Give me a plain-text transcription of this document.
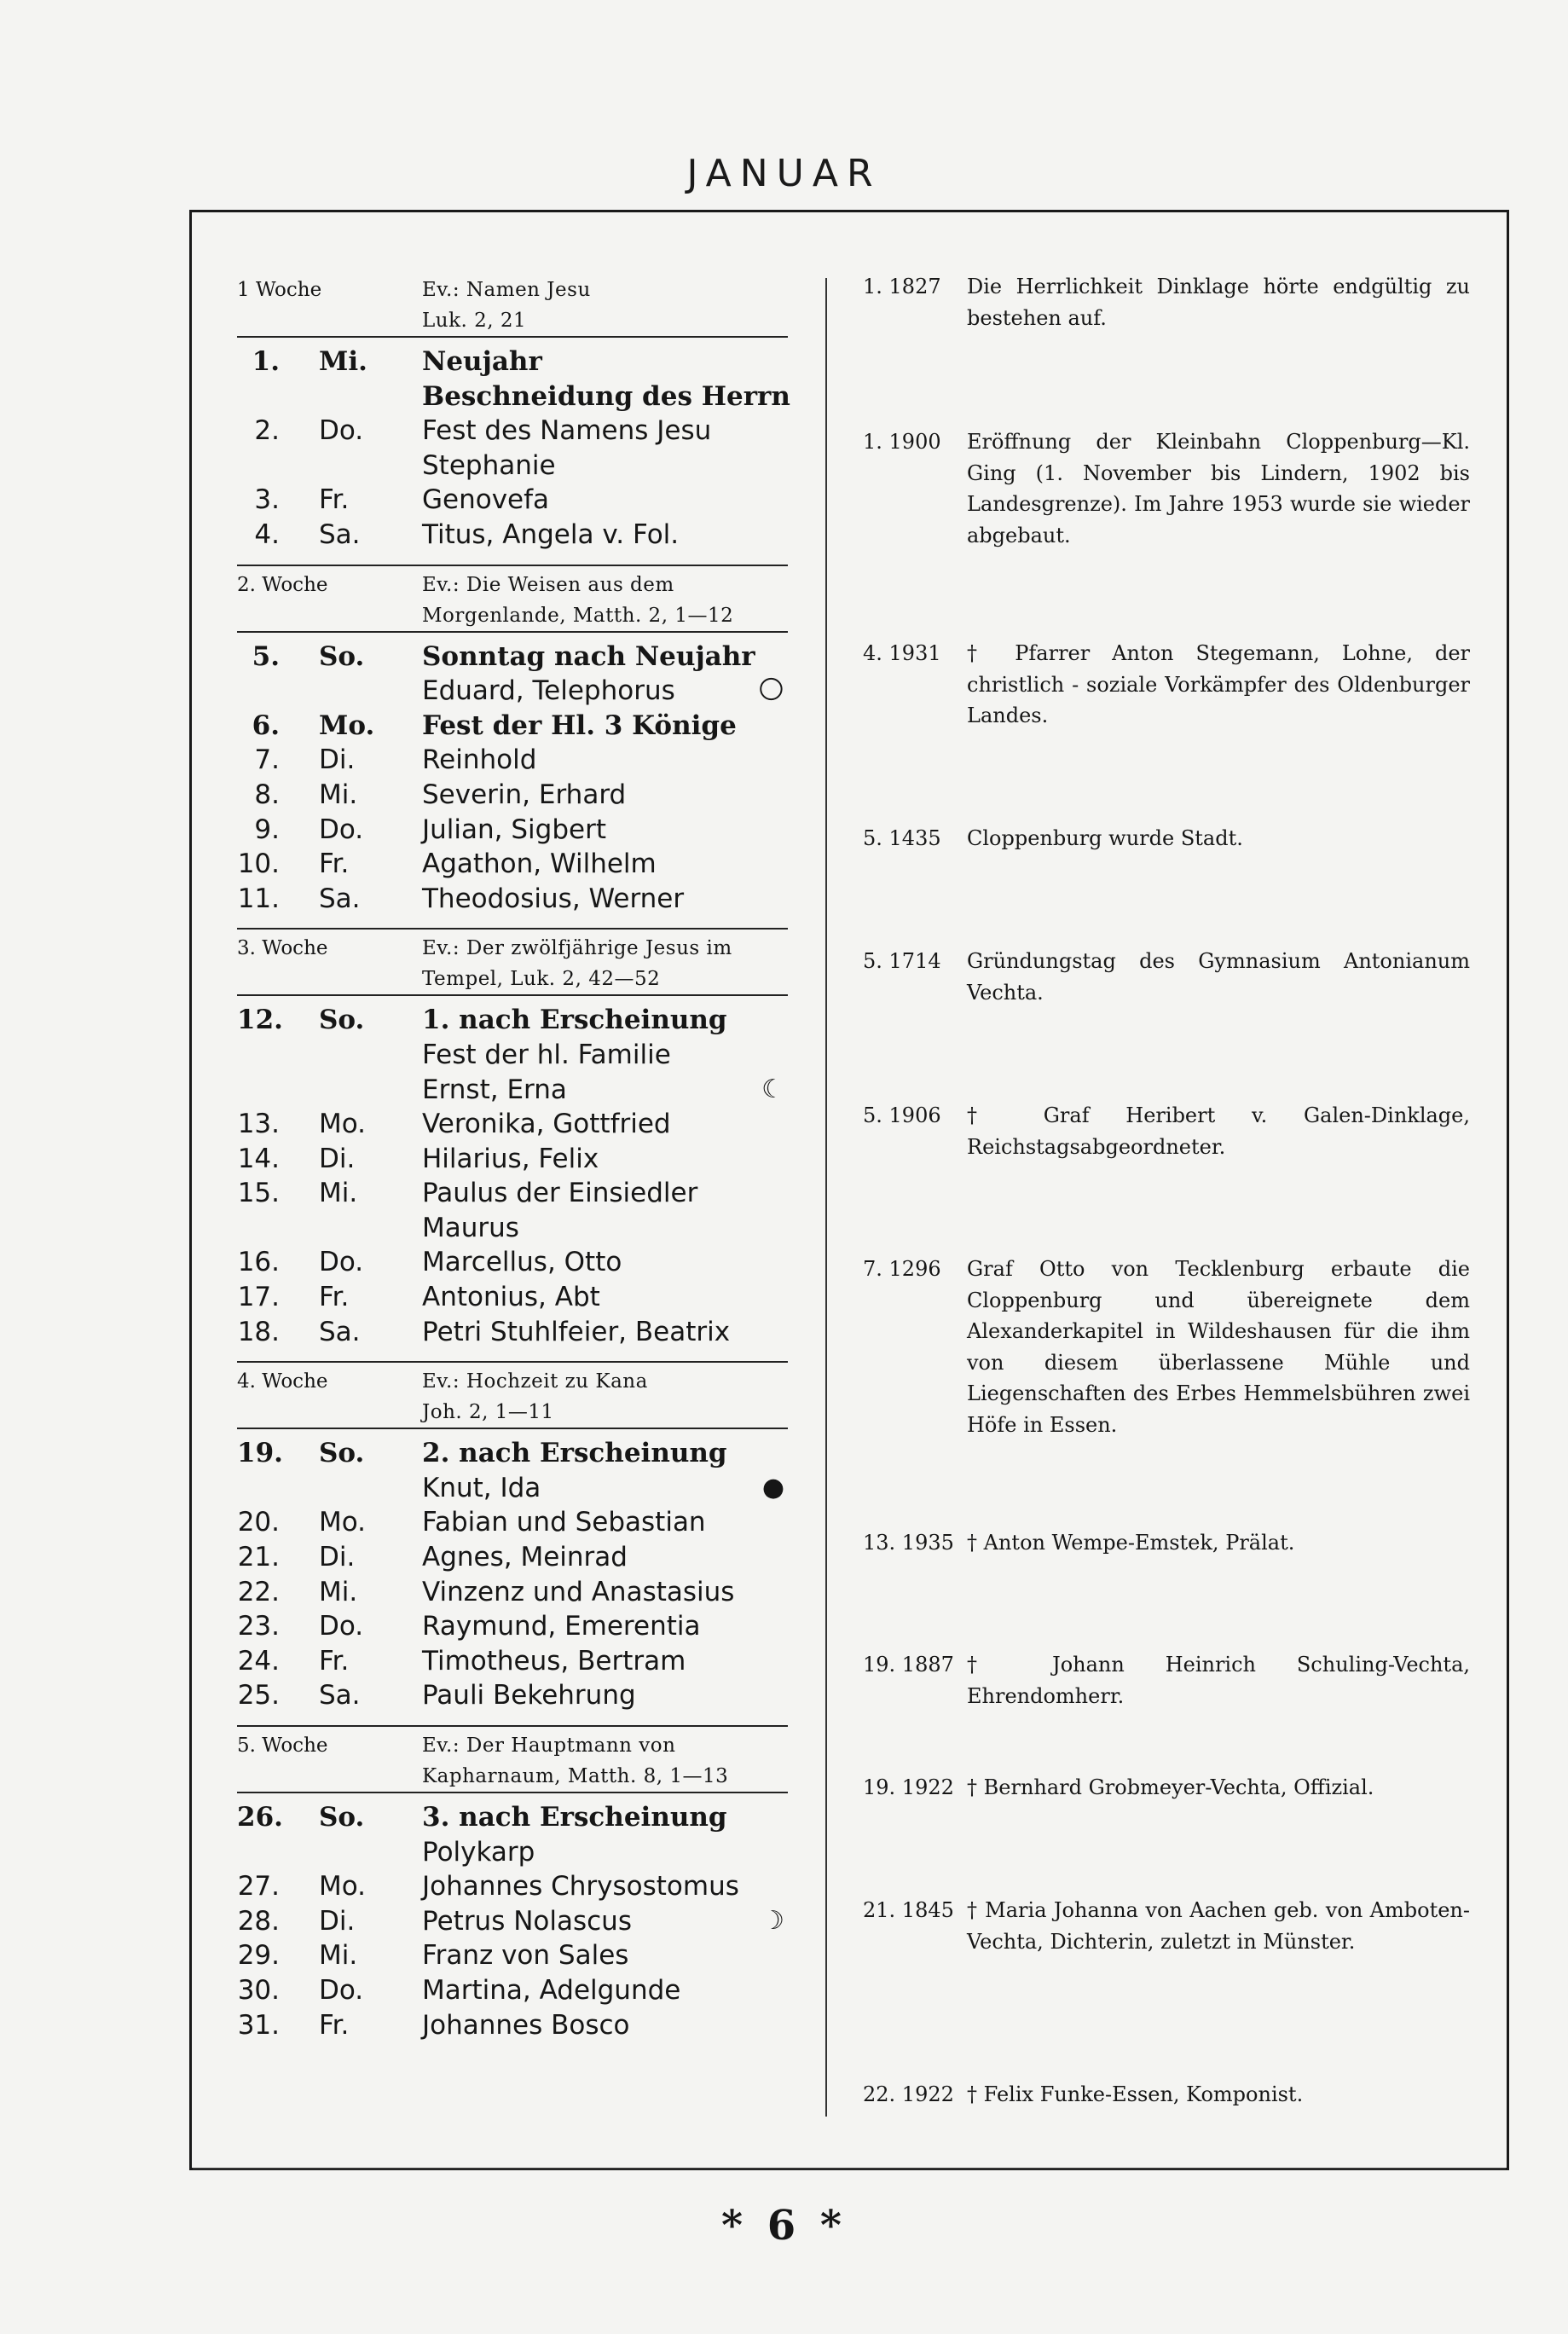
JANUAR
1 Woche	Ev.: Namen Jesu
Luk. 2, 21
1. Mi. Neujahr
Beschneidung des Herrn
2. Do. Fest des Namens Jesu
Stephanie
3. Fr.	Genovefa
4. Sa. Titus, Angela v. Fol.
2. Woche	Ev.: Die Weisen aus dem
Morgenlande, Matth. 2, 1—12
5. So. Sonntag nach Neujahr
Eduard, Telephorus	🌕
6. Mo. Fest der Hl. 3 Könige
7. Di.	Reinhold
8. Mi. Severin, Erhard
9. Do. Julian, Sigbert
10. Fr.	Agathon, Wilhelm
11. Sa. Theodosius, Werner
3. Woche	Ev.: Der zwölfjährige Jesus im
Tempel, Luk. 2, 42—52
12. So. 1. nach Erscheinung
Fest der hl. Familie
Ernst, Erna	☾
13. Mo. Veronika, Gottfried
14. Di.	Hilarius, Felix
15. Mi. Paulus der Einsiedler
Maurus
16. Do. Marcellus, Otto
17. Fr.	Antonius, Abt
18. Sa. Petri Stuhlfeier, Beatrix
4. Woche	Ev.: Hochzeit zu Kana
Joh. 2, 1—11
19. So. 2. nach Erscheinung
Knut, Ida	●
20. Mo. Fabian und Sebastian
21. Di.	Agnes, Meinrad
22. Mi. Vinzenz und Anastasius
23. Do. Raymund, Emerentia
24. Fr.	Timotheus, Bertram
25. Sa. Pauli Bekehrung
5. Woche	Ev.: Der Hauptmann von
Kapharnaum, Matth. 8, 1—13
26. So. 3. nach Erscheinung
Polykarp
27. Mo. Johannes Chrysostomus
28. Di.	Petrus Nolascus	☽
29. Mi. Franz von Sales
30. Do. Martina, Adelgunde
31. Fr.	Johannes Bosco
1. 1827	Die Herrlichkeit Dinklage hörte endgültig zu bestehen auf.
1. 1900	Eröffnung der Kleinbahn Cloppenburg—Kl. Ging (1. November bis Lindern, 1902 bis Landesgrenze). Im Jahre 1953 wurde sie wieder abgebaut.
4. 1931	† Pfarrer Anton Stegemann, Lohne, der christlich - soziale Vorkämpfer des Oldenburger Landes.
5. 1435	Cloppenburg wurde Stadt.
5. 1714	Gründungstag des Gymnasium Antonianum Vechta.
5. 1906	† Graf Heribert v. Galen-Dinklage, Reichstagsabgeordneter.
7. 1296	Graf Otto von Tecklenburg erbaute die Cloppenburg und übereignete dem Alexanderkapitel in Wildeshausen für die ihm von diesem überlassene Mühle und Liegenschaften des Erbes Hemmelsbühren zwei Höfe in Essen.
13. 1935 † Anton Wempe-Emstek, Prälat.
19. 1887 † Johann Heinrich Schuling-Vechta, Ehrendomherr.
19. 1922 † Bernhard Grobmeyer-Vechta, Offizial.
21. 1845 † Maria Johanna von Aachen geb. von Amboten-Vechta, Dichterin, zuletzt in Münster.
22. 1922 † Felix Funke-Essen, Komponist.
* 6 *
